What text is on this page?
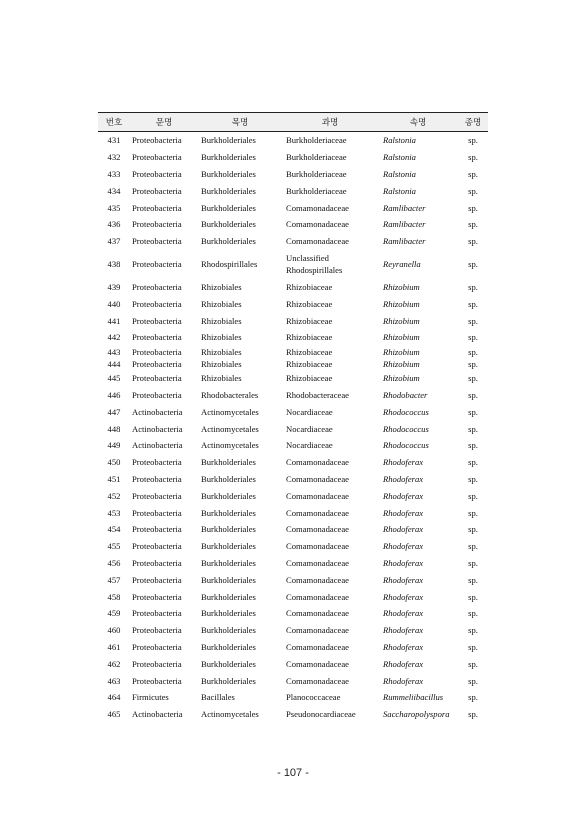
번호	문명	목명	과명	속명	종명
431	Proteobacteria	Burkholderiales	Burkholderiaceae	Ralstonia	sp.
432	Proteobacteria	Burkholderiales	Burkholderiaceae	Ralstonia	sp.
433	Proteobacteria	Burkholderiales	Burkholderiaceae	Ralstonia	sp.
434	Proteobacteria	Burkholderiales	Burkholderiaceae	Ralstonia	sp.
435	Proteobacteria	Burkholderiales	Comamonadaceae	Ramlibacter	sp.
436	Proteobacteria	Burkholderiales	Comamonadaceae	Ramlibacter	sp.
437	Proteobacteria	Burkholderiales	Comamonadaceae	Ramlibacter	sp.
438	Proteobacteria	Rhodospirillales	Unclassified Rhodospirillales	Reyranella	sp.
439	Proteobacteria	Rhizobiales	Rhizobiaceae	Rhizobium	sp.
440	Proteobacteria	Rhizobiales	Rhizobiaceae	Rhizobium	sp.
441	Proteobacteria	Rhizobiales	Rhizobiaceae	Rhizobium	sp.
442	Proteobacteria	Rhizobiales	Rhizobiaceae	Rhizobium	sp.
443	Proteobacteria	Rhizobiales	Rhizobiaceae	Rhizobium	sp.
444	Proteobacteria	Rhizobiales	Rhizobiaceae	Rhizobium	sp.
445	Proteobacteria	Rhizobiales	Rhizobiaceae	Rhizobium	sp.
446	Proteobacteria	Rhodobacterales	Rhodobacteraceae	Rhodobacter	sp.
447	Actinobacteria	Actinomycetales	Nocardiaceae	Rhodococcus	sp.
448	Actinobacteria	Actinomycetales	Nocardiaceae	Rhodococcus	sp.
449	Actinobacteria	Actinomycetales	Nocardiaceae	Rhodococcus	sp.
450	Proteobacteria	Burkholderiales	Comamonadaceae	Rhodoferax	sp.
451	Proteobacteria	Burkholderiales	Comamonadaceae	Rhodoferax	sp.
452	Proteobacteria	Burkholderiales	Comamonadaceae	Rhodoferax	sp.
453	Proteobacteria	Burkholderiales	Comamonadaceae	Rhodoferax	sp.
454	Proteobacteria	Burkholderiales	Comamonadaceae	Rhodoferax	sp.
455	Proteobacteria	Burkholderiales	Comamonadaceae	Rhodoferax	sp.
456	Proteobacteria	Burkholderiales	Comamonadaceae	Rhodoferax	sp.
457	Proteobacteria	Burkholderiales	Comamonadaceae	Rhodoferax	sp.
458	Proteobacteria	Burkholderiales	Comamonadaceae	Rhodoferax	sp.
459	Proteobacteria	Burkholderiales	Comamonadaceae	Rhodoferax	sp.
460	Proteobacteria	Burkholderiales	Comamonadaceae	Rhodoferax	sp.
461	Proteobacteria	Burkholderiales	Comamonadaceae	Rhodoferax	sp.
462	Proteobacteria	Burkholderiales	Comamonadaceae	Rhodoferax	sp.
463	Proteobacteria	Burkholderiales	Comamonadaceae	Rhodoferax	sp.
464	Firmicutes	Bacillales	Planococcaceae	Rummeliibacillus	sp.
465	Actinobacteria	Actinomycetales	Pseudonocardiaceae	Saccharopolyspora	sp.
- 107 -
